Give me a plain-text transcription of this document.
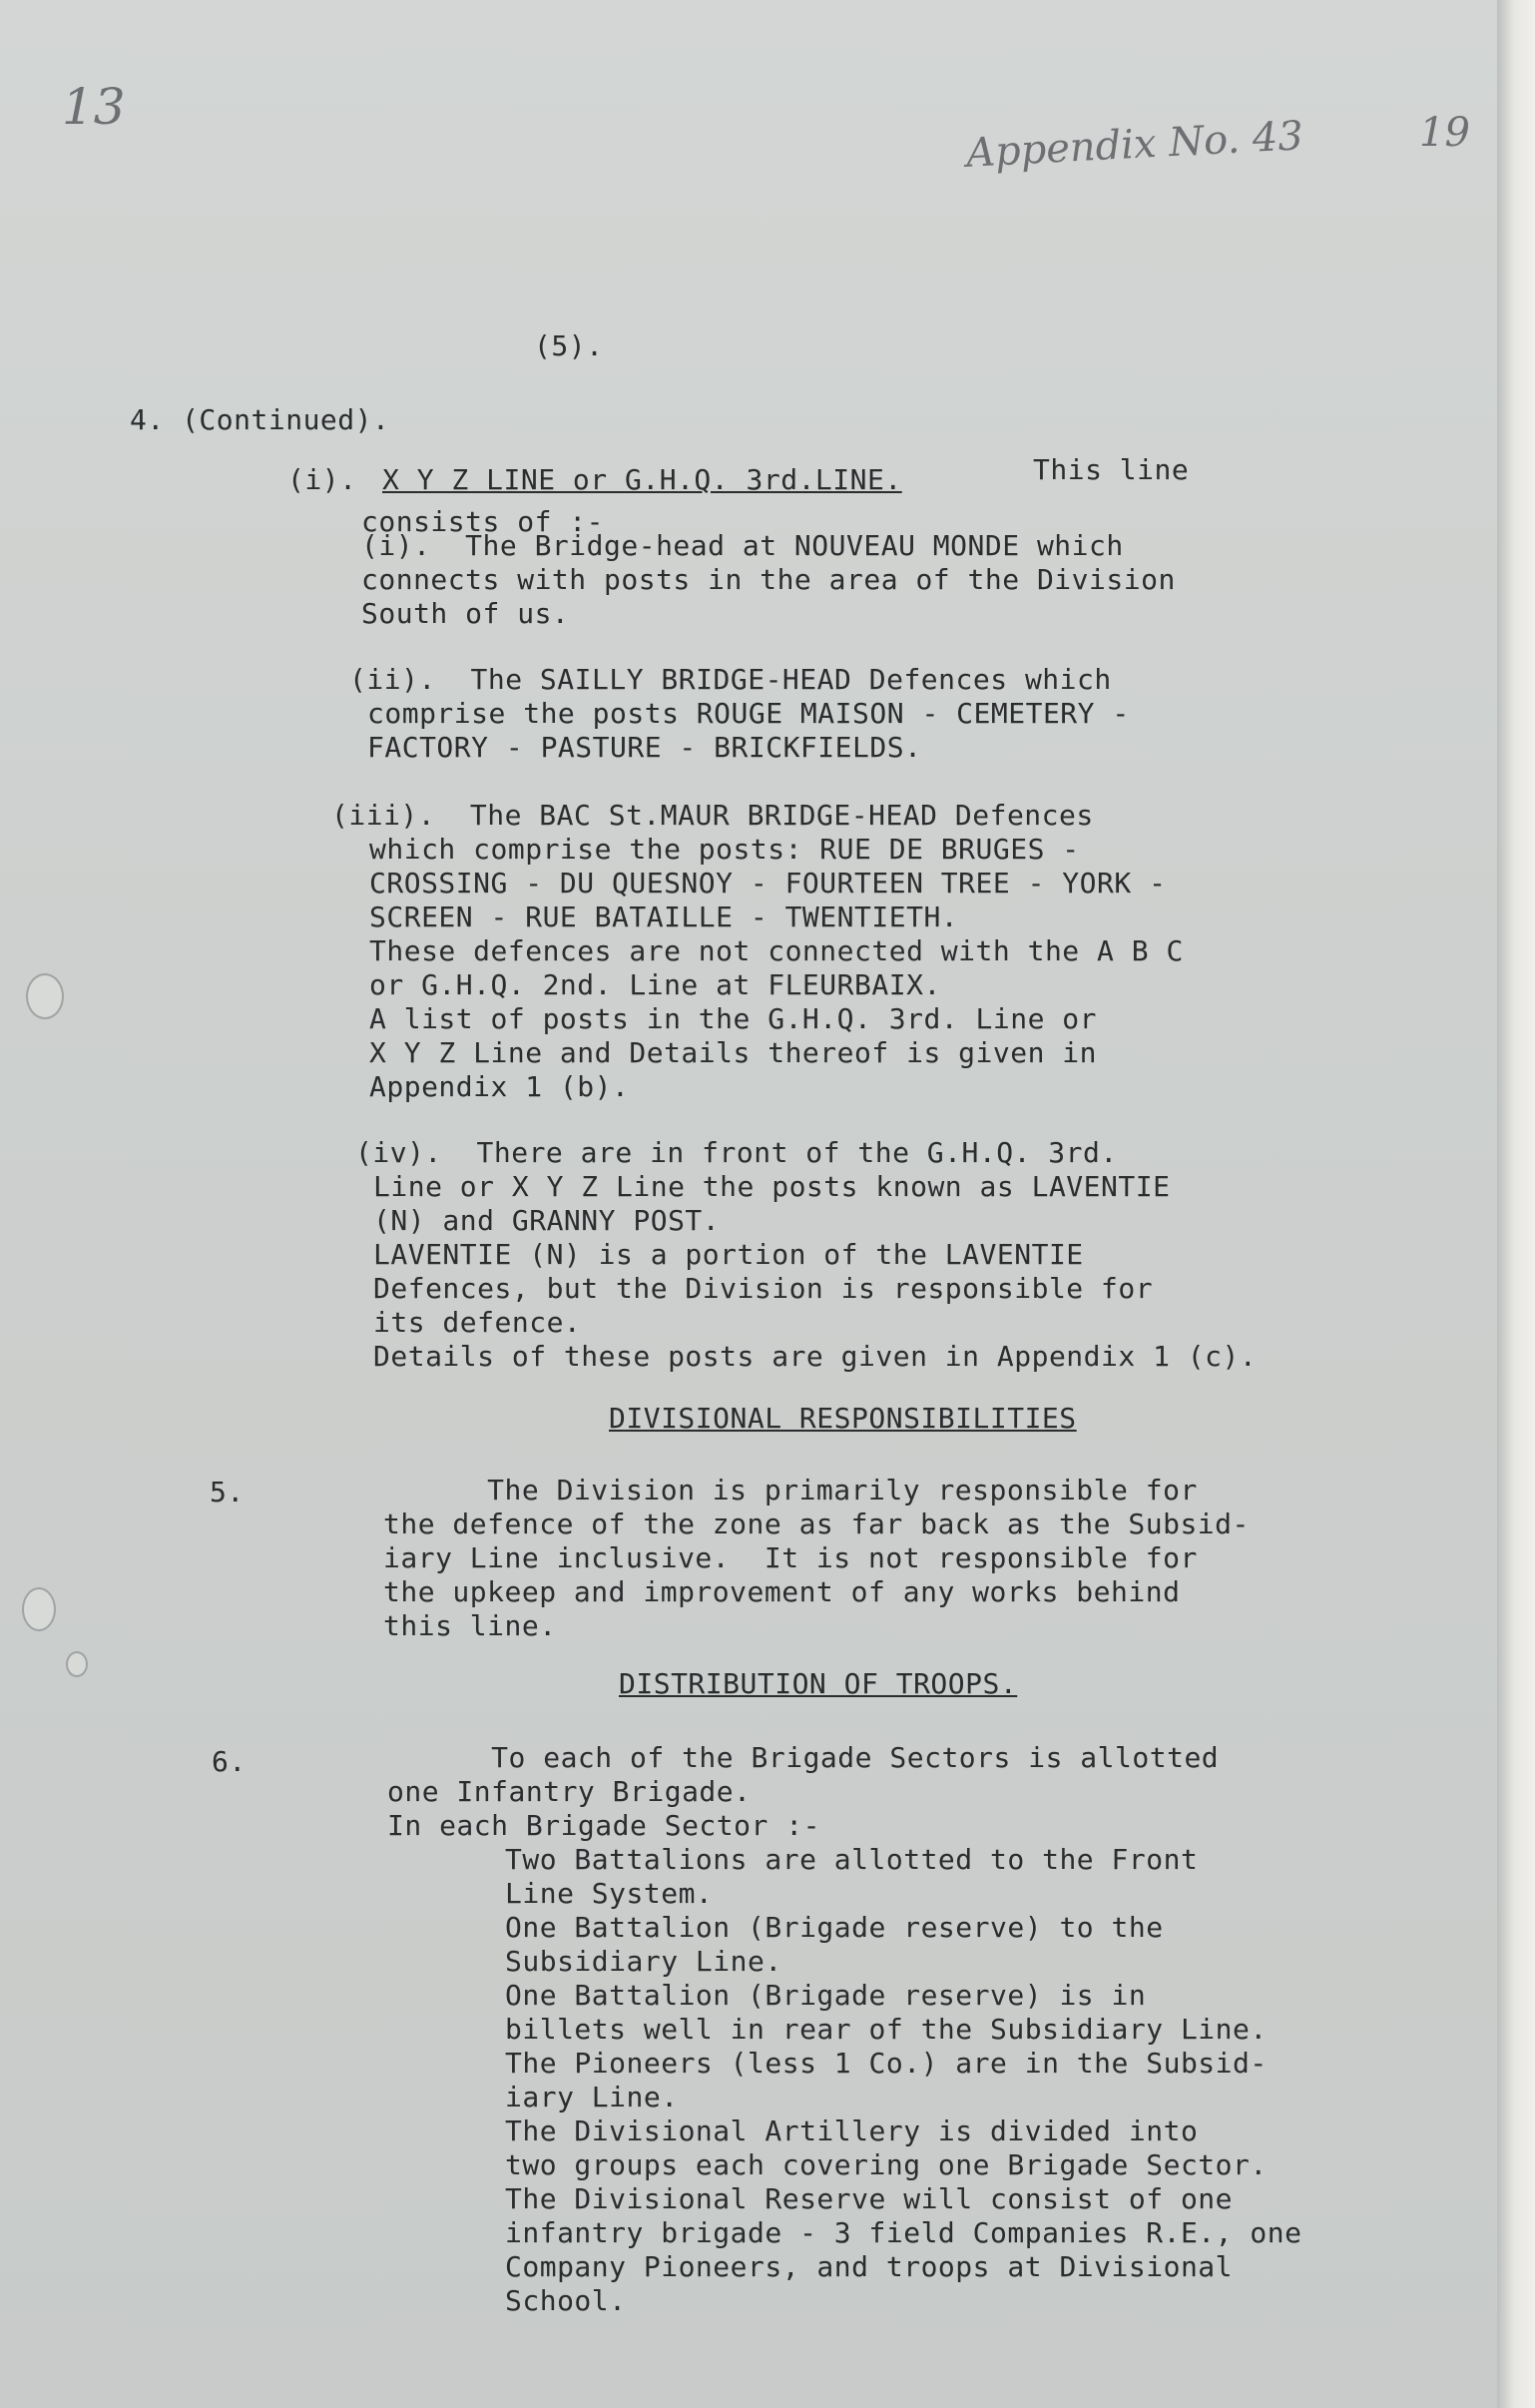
13
Appendix No. 43	19
(5).
4. (Continued).
(i). X Y Z LINE or G.H.Q. 3rd.LINE.	This line
consists of :-
(i).  The Bridge-head at NOUVEAU MONDE which
connects with posts in the area of the Division
South of us.
(ii).  The SAILLY BRIDGE-HEAD Defences which
comprise the posts ROUGE MAISON - CEMETERY -
FACTORY - PASTURE - BRICKFIELDS.
(iii).  The BAC St.MAUR BRIDGE-HEAD Defences
which comprise the posts: RUE DE BRUGES -
CROSSING - DU QUESNOY - FOURTEEN TREE - YORK -
SCREEN - RUE BATAILLE - TWENTIETH.
These defences are not connected with the A B C
or G.H.Q. 2nd. Line at FLEURBAIX.
A list of posts in the G.H.Q. 3rd. Line or
X Y Z Line and Details thereof is given in
Appendix 1 (b).
(iv).  There are in front of the G.H.Q. 3rd.
Line or X Y Z Line the posts known as LAVENTIE
(N) and GRANNY POST.
LAVENTIE (N) is a portion of the LAVENTIE
Defences, but the Division is responsible for
its defence.
Details of these posts are given in Appendix 1 (c).
DIVISIONAL RESPONSIBILITIES
5.	The Division is primarily responsible for
the defence of the zone as far back as the Subsid-
iary Line inclusive.  It is not responsible for
the upkeep and improvement of any works behind
this line.
DISTRIBUTION OF TROOPS.
6.	To each of the Brigade Sectors is allotted
one Infantry Brigade.
In each Brigade Sector :-
Two Battalions are allotted to the Front
Line System.
One Battalion (Brigade reserve) to the
Subsidiary Line.
One Battalion (Brigade reserve) is in
billets well in rear of the Subsidiary Line.
The Pioneers (less 1 Co.) are in the Subsid-
iary Line.
The Divisional Artillery is divided into
two groups each covering one Brigade Sector.
The Divisional Reserve will consist of one
infantry brigade - 3 field Companies R.E., one
Company Pioneers, and troops at Divisional
School.
